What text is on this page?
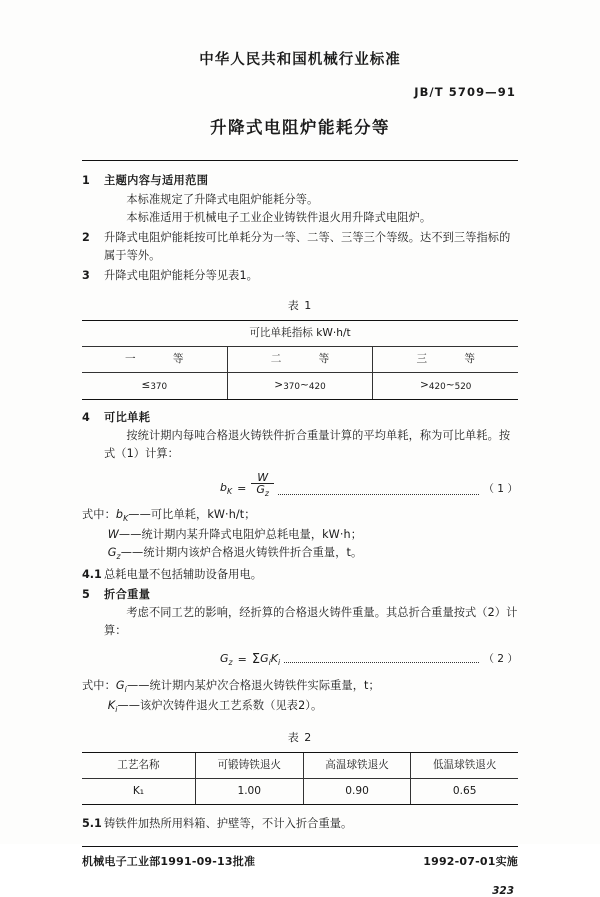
中华人民共和国机械行业标准
JB/T 5709—91
升降式电阻炉能耗分等
1 主题内容与适用范围
本标准规定了升降式电阻炉能耗分等。
本标准适用于机械电子工业企业铸铁件退火用升降式电阻炉。
2 升降式电阻炉能耗按可比单耗分为一等、二等、三等三个等级。达不到三等指标的属于等外。
3 升降式电阻炉能耗分等见表1。
表 1
可比单耗指标 kW·h/t		
一 等	二 等	三 等
≤370	>370~420	>420~520
4 可比单耗
按统计期内每吨合格退火铸铁件折合重量计算的平均单耗，称为可比单耗。按式（1）计算：
$b_K = \frac{W}{G_z}$	（ 1 ）
式中：$b_K——$可比单耗，kW·h/t；
W——统计期内某升降式电阻炉总耗电量，kW·h；
$G_z——$统计期内该炉合格退火铸铁件折合重量，t。
4.1 总耗电量不包括辅助设备用电。
5 折合重量
考虑不同工艺的影响，经折算的合格退火铸件重量。其总折合重量按式（2）计算：
$G_z = \Sigma$ $G_i$ $K_i$	（ 2 ）
式中：$G_i——$统计期内某炉次合格退火铸铁件实际重量，t；
$K_i——$该炉次铸件退火工艺系数（见表2）。
表 2
工艺名称	可锻铸铁退火	高温球铁退火	低温球铁退火
K₁	1.00	0.90	0.65
5.1 铸铁件加热所用料箱、护壁等，不计入折合重量。
机械电子工业部1991-09-13批准	1992-07-01实施
323
